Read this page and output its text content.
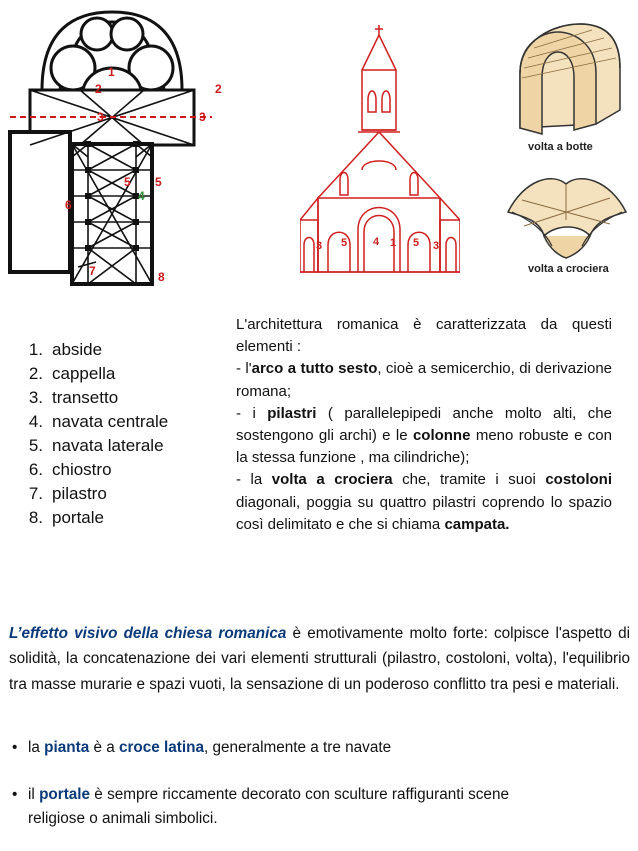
1
2	2
3	3
4
5 5
6
7	8
3 5 4	5 3
1
volta a botte
volta a crociera
1. abside
2. cappella
3. transetto
4. navata centrale
5. navata laterale
6. chiostro
7. pilastro
8. portale

L'architettura romanica è caratterizzata da questi elementi :

- l'arco a tutto sesto, cioè a semicerchio, di derivazione romana;

- i pilastri ( parallelepipedi anche molto alti, che sostengono gli archi) e le colonne meno robuste e con la stessa funzione , ma cilindriche);

- la volta a crociera che, tramite i suoi costoloni diagonali, poggia su quattro pilastri coprendo lo spazio così delimitato e che si chiama campata.

L’effetto visivo della chiesa romanica è emotivamente molto forte: colpisce l'aspetto di solidità, la concatenazione dei vari elementi strutturali (pilastro, costoloni, volta), l'equilibrio tra masse murarie e spazi vuoti, la sensazione di un poderoso conflitto tra pesi e materiali.

• la pianta è a croce latina, generalmente a tre navate
• il portale è sempre riccamente decorato con sculture raffiguranti scene
religiose o animali simbolici.
